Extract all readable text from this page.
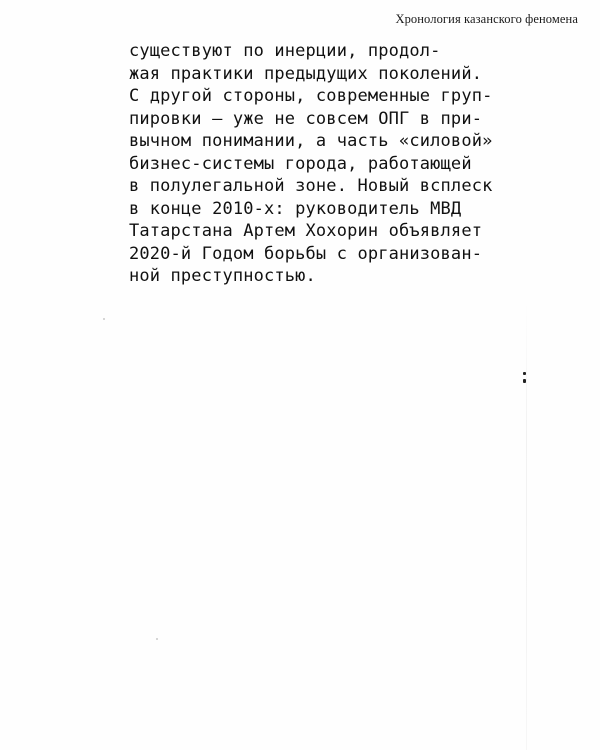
Хронология казанского феномена

существуют по инерции, продол-
жая практики предыдущих поколений.
С другой стороны, современные груп-
пировки — уже не совсем ОПГ в при-
вычном понимании, а часть «силовой»
бизнес-системы города, работающей
в полулегальной зоне. Новый всплеск
в конце 2010-х: руководитель МВД
Татарстана Артем Хохорин объявляет
2020-й Годом борьбы с организован-
ной преступностью.
